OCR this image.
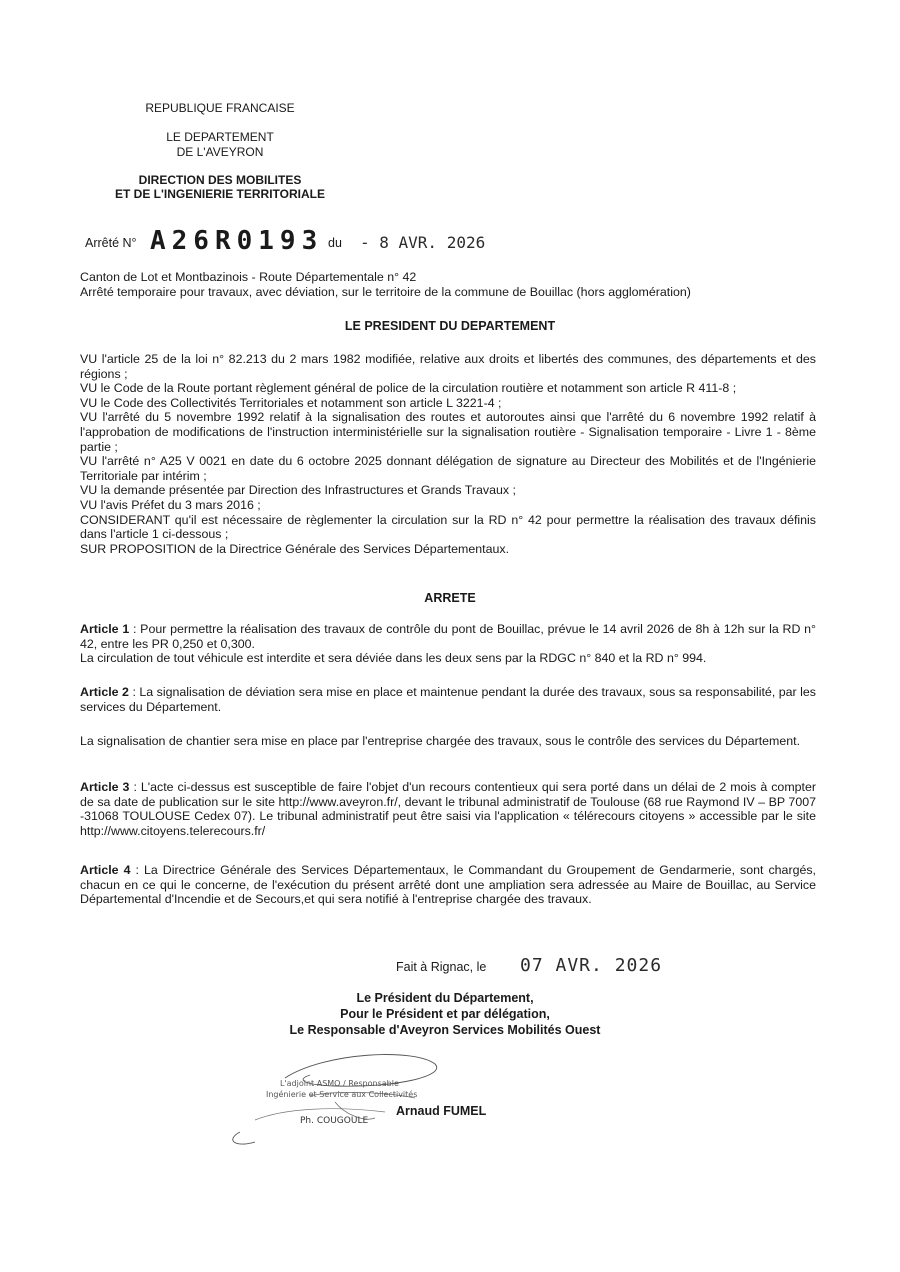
REPUBLIQUE FRANCAISE
LE DEPARTEMENT
DE L'AVEYRON
DIRECTION DES MOBILITES
ET DE L'INGENIERIE TERRITORIALE
Arrêté N° A26R0193 du - 8 AVR. 2026
Canton de Lot et Montbazinois - Route Départementale n° 42
Arrêté temporaire pour travaux, avec déviation, sur le territoire de la commune de Bouillac (hors agglomération)
LE PRESIDENT DU DEPARTEMENT

VU l'article 25 de la loi n° 82.213 du 2 mars 1982 modifiée, relative aux droits et libertés des communes, des départements et des régions ;

VU le Code de la Route portant règlement général de police de la circulation routière et notamment son article R 411-8 ;

VU le Code des Collectivités Territoriales et notamment son article L 3221-4 ;

VU l'arrêté du 5 novembre 1992 relatif à la signalisation des routes et autoroutes ainsi que l'arrêté du 6 novembre 1992 relatif à l'approbation de modifications de l'instruction interministérielle sur la signalisation routière - Signalisation temporaire - Livre 1 - 8ème partie ;

VU l'arrêté n° A25 V 0021 en date du 6 octobre 2025 donnant délégation de signature au Directeur des Mobilités et de l'Ingénierie Territoriale par intérim ;

VU la demande présentée par Direction des Infrastructures et Grands Travaux ;

VU l'avis Préfet du 3 mars 2016 ;

CONSIDERANT qu'il est nécessaire de règlementer la circulation sur la RD n° 42 pour permettre la réalisation des travaux définis dans l'article 1 ci-dessous ;

SUR PROPOSITION de la Directrice Générale des Services Départementaux.

ARRETE

Article 1 : Pour permettre la réalisation des travaux de contrôle du pont de Bouillac, prévue le 14 avril 2026 de 8h à 12h sur la RD n° 42, entre les PR 0,250 et 0,300.

La circulation de tout véhicule est interdite et sera déviée dans les deux sens par la RDGC n° 840 et la RD n° 994.

Article 2 : La signalisation de déviation sera mise en place et maintenue pendant la durée des travaux, sous sa responsabilité, par les services du Département.

La signalisation de chantier sera mise en place par l'entreprise chargée des travaux, sous le contrôle des services du Département.

Article 3 : L'acte ci-dessus est susceptible de faire l'objet d'un recours contentieux qui sera porté dans un délai de 2 mois à compter de sa date de publication sur le site http://www.aveyron.fr/, devant le tribunal administratif de Toulouse (68 rue Raymond IV – BP 7007 -31068 TOULOUSE Cedex 07). Le tribunal administratif peut être saisi via l'application « télérecours citoyens » accessible par le site http://www.citoyens.telerecours.fr/

Article 4 : La Directrice Générale des Services Départementaux, le Commandant du Groupement de Gendarmerie, sont chargés, chacun en ce qui le concerne, de l'exécution du présent arrêté dont une ampliation sera adressée au Maire de Bouillac, au Service Départemental d'Incendie et de Secours,et qui sera notifié à l'entreprise chargée des travaux.

Fait à Rignac, le 07 AVR. 2026
Le Président du Département,
Pour le Président et par délégation,
Le Responsable d'Aveyron Services Mobilités Ouest
L'adjoint ASMO / Responsable
Ingénierie et Service aux Collectivités
Ph. COUGOULE
Arnaud FUMEL
